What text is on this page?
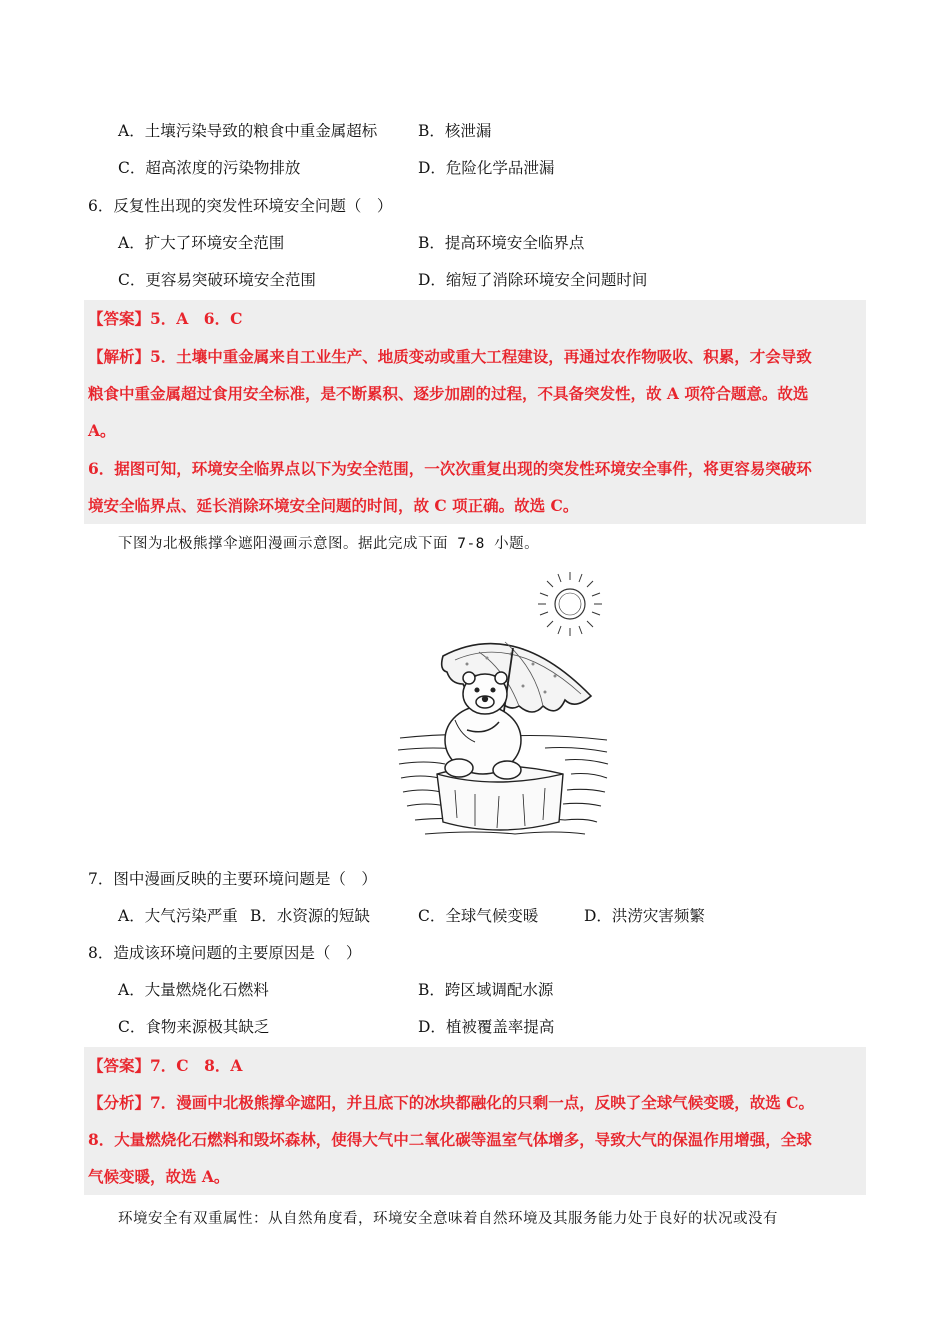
A．土壤污染导致的粮食中重金属超标	B．核泄漏
C．超高浓度的污染物排放	D．危险化学品泄漏
6．反复性出现的突发性环境安全问题（　）
A．扩大了环境安全范围	B．提高环境安全临界点
C．更容易突破环境安全范围	D．缩短了消除环境安全问题时间
【答案】5．A　6．C
【解析】5．土壤中重金属来自工业生产、地质变动或重大工程建设，再通过农作物吸收、积累，才会导致
粮食中重金属超过食用安全标准，是不断累积、逐步加剧的过程，不具备突发性，故 A 项符合题意。故选
A。
6．据图可知，环境安全临界点以下为安全范围，一次次重复出现的突发性环境安全事件，将更容易突破环
境安全临界点、延长消除环境安全问题的时间，故 C 项正确。故选 C。
下图为北极熊撑伞遮阳漫画示意图。据此完成下面 7-8 小题。
7．图中漫画反映的主要环境问题是（　）
A．大气污染严重 B．水资源的短缺	C．全球气候变暖	D．洪涝灾害频繁
8．造成该环境问题的主要原因是（　）
A．大量燃烧化石燃料	B．跨区域调配水源
C．食物来源极其缺乏	D．植被覆盖率提高
【答案】7．C　8．A
【分析】7．漫画中北极熊撑伞遮阳，并且底下的冰块都融化的只剩一点，反映了全球气候变暖，故选 C。
8．大量燃烧化石燃料和毁坏森林，使得大气中二氧化碳等温室气体增多，导致大气的保温作用增强，全球
气候变暖，故选 A。
环境安全有双重属性：从自然角度看，环境安全意味着自然环境及其服务能力处于良好的状况或没有
